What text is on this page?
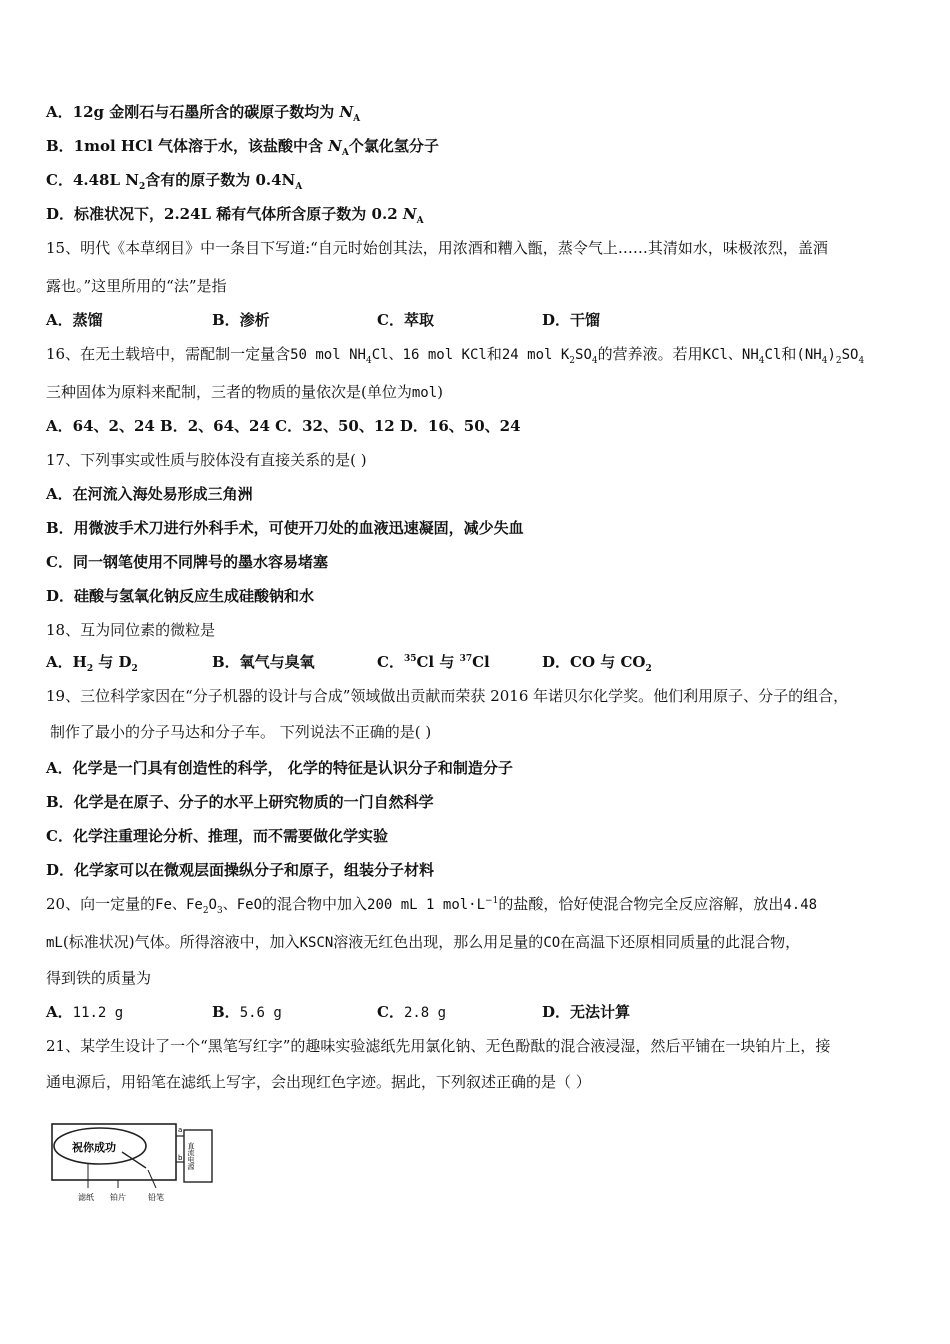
A．12g 金刚石与石墨所含的碳原子数均为 $N_A$
B．1mol HCl 气体溶于水，该盐酸中含 $N_A$个氯化氢分子
C．4.48L $N_2$含有的原子数为 $0.4N_A$
D．标准状况下，2.24L 稀有气体所含原子数为 0.2 $N_A$
15、明代《本草纲目》中一条目下写道:“自元时始创其法，用浓酒和糟入甑，蒸令气上……其清如水，味极浓烈，盖酒
露也。”这里所用的“法”是指
A．蒸馏	B．渗析	C．萃取	D．干馏
16、在无土载培中，需配制一定量含50 mol $NH_4Cl$、16 mol KCl和24 mol $K_2SO_4$的营养液。若用KCl、$NH_4Cl$和$(NH_4)_2SO_4$
三种固体为原料来配制，三者的物质的量依次是(单位为mol)
A．64、2、24 B．2、64、24 C．32、50、12 D．16、50、24
17、下列事实或性质与胶体没有直接关系的是( )
A．在河流入海处易形成三角洲
B．用微波手术刀进行外科手术，可使开刀处的血液迅速凝固，减少失血
C．同一钢笔使用不同牌号的墨水容易堵塞
D．硅酸与氢氧化钠反应生成硅酸钠和水
18、互为同位素的微粒是
A．$H_2$ 与 $D_2$	B．氧气与臭氧	C．$^{35}$Cl 与 $^{37}$Cl	D．CO 与 $CO_2$
19、三位科学家因在“分子机器的设计与合成”领域做出贡献而荣获 2016 年诺贝尔化学奖。他们利用原子、分子的组合，
制作了最小的分子马达和分子车。 下列说法不正确的是( )
A．化学是一门具有创造性的科学， 化学的特征是认识分子和制造分子
B．化学是在原子、分子的水平上研究物质的一门自然科学
C．化学注重理论分析、推理，而不需要做化学实验
D．化学家可以在微观层面操纵分子和原子，组装分子材料
20、向一定量的Fe、$Fe_2O_3$、FeO的混合物中加入200 mL 1 $mol\cdot L^{-1}$的盐酸，恰好使混合物完全反应溶解，放出4.48
mL(标准状况)气体。所得溶液中，加入KSCN溶液无红色出现，那么用足量的CO在高温下还原相同质量的此混合物，
得到铁的质量为
A．11.2 g	B．5.6 g	C．2.8 g	D．无法计算
21、某学生设计了一个“黑笔写红字”的趣味实验滤纸先用氯化钠、无色酚酞的混合液浸湿，然后平铺在一块铂片上，接
通电源后，用铅笔在滤纸上写字，会出现红色字迹。据此，下列叙述正确的是（ ）
祝你成功	直流电源
a
b
滤纸 铂片	铅笔
